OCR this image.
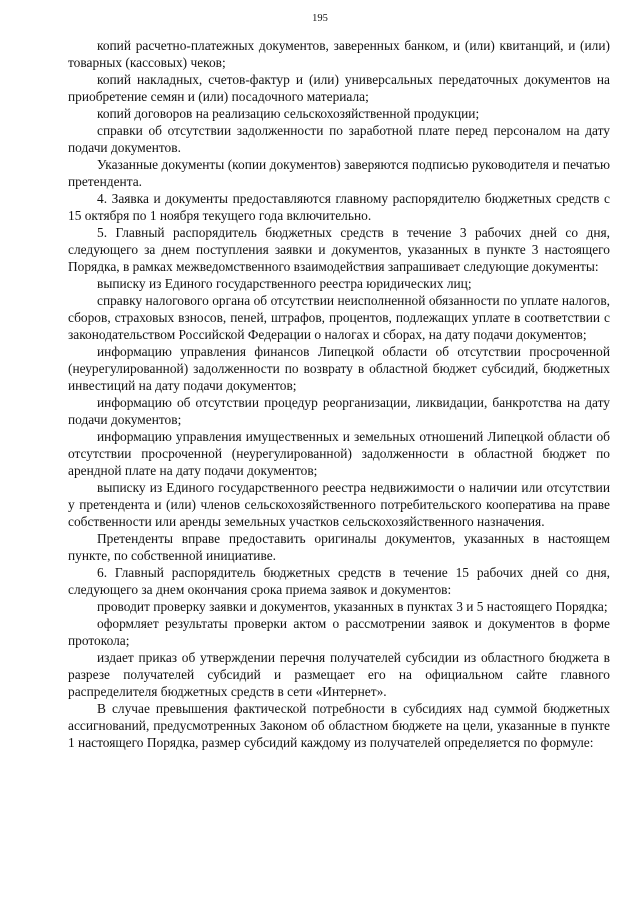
195

копий расчетно-платежных документов, заверенных банком, и (или) квитанций, и (или) товарных (кассовых) чеков;

копий накладных, счетов-фактур и (или) универсальных передаточных документов на приобретение семян и (или) посадочного материала;

копий договоров на реализацию сельскохозяйственной продукции;

справки об отсутствии задолженности по заработной плате перед персоналом на дату подачи документов.

Указанные документы (копии документов) заверяются подписью руководителя и печатью претендента.

4. Заявка и документы предоставляются главному распорядителю бюджетных средств с 15 октября по 1 ноября текущего года включительно.

5. Главный распорядитель бюджетных средств в течение 3 рабочих дней со дня, следующего за днем поступления заявки и документов, указанных в пункте 3 настоящего Порядка, в рамках межведомственного взаимодействия запрашивает следующие документы:

выписку из Единого государственного реестра юридических лиц;

справку налогового органа об отсутствии неисполненной обязанности по уплате налогов, сборов, страховых взносов, пеней, штрафов, процентов, подлежащих уплате в соответствии с законодательством Российской Федерации о налогах и сборах, на дату подачи документов;

информацию управления финансов Липецкой области об отсутствии просроченной (неурегулированной) задолженности по возврату в областной бюджет субсидий, бюджетных инвестиций на дату подачи документов;

информацию об отсутствии процедур реорганизации, ликвидации, банкротства на дату подачи документов;

информацию управления имущественных и земельных отношений Липецкой области об отсутствии просроченной (неурегулированной) задолженности в областной бюджет по арендной плате на дату подачи документов;

выписку из Единого государственного реестра недвижимости о наличии или отсутствии у претендента и (или) членов сельскохозяйственного потребительского кооператива на праве собственности или аренды земельных участков сельскохозяйственного назначения.

Претенденты вправе предоставить оригиналы документов, указанных в настоящем пункте, по собственной инициативе.

6. Главный распорядитель бюджетных средств в течение 15 рабочих дней со дня, следующего за днем окончания срока приема заявок и документов:

проводит проверку заявки и документов, указанных в пунктах 3 и 5 настоящего Порядка;

оформляет результаты проверки актом о рассмотрении заявок и документов в форме протокола;

издает приказ об утверждении перечня получателей субсидии из областного бюджета в разрезе получателей субсидий и размещает его на официальном сайте главного распределителя бюджетных средств в сети «Интернет».

В случае превышения фактической потребности в субсидиях над суммой бюджетных ассигнований, предусмотренных Законом об областном бюджете на цели, указанные в пункте 1 настоящего Порядка, размер субсидий каждому из получателей определяется по формуле:
